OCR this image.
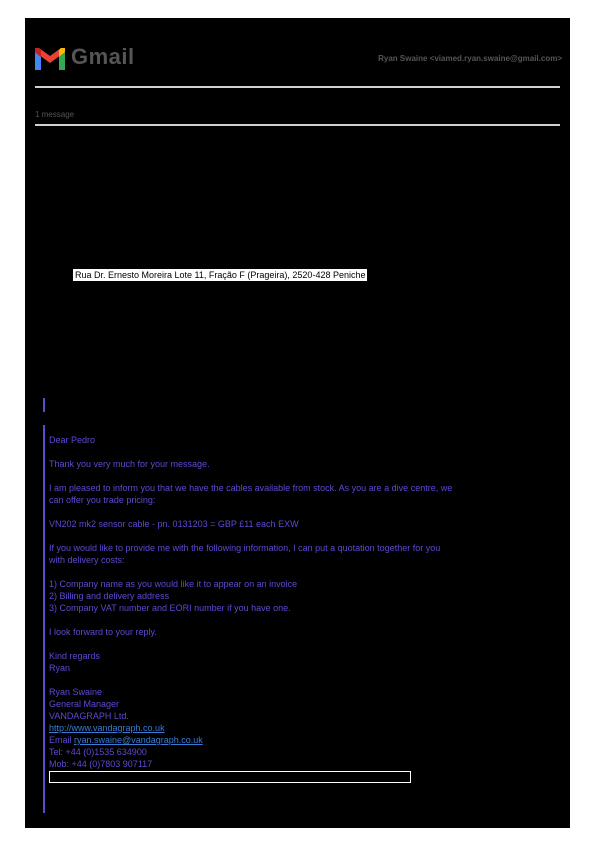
Gmail	Ryan Swaine <viamed.ryan.swaine@gmail.com>
1 message
Rua Dr. Ernesto Moreira Lote 11, Fração F (Prageira), 2520-428 Peniche

Dear Pedro

Thank you very much for your message.

I am pleased to inform you that we have the cables available from stock. As you are a dive centre, we
can offer you trade pricing:

VN202 mk2 sensor cable - pn. 0131203 = GBP £11 each EXW

If you would like to provide me with the following information, I can put a quotation together for you
with delivery costs:

1) Company name as you would like it to appear on an invoice
2) Billing and delivery address
3) Company VAT number and EORI number if you have one.

I look forward to your reply.

Kind regards
Ryan

Ryan Swaine
General Manager
VANDAGRAPH Ltd.
http://www.vandagraph.co.uk
Email ryan.swaine@vandagraph.co.uk
Tel: +44 (0)1535 634900
Mob: +44 (0)7803 907117
